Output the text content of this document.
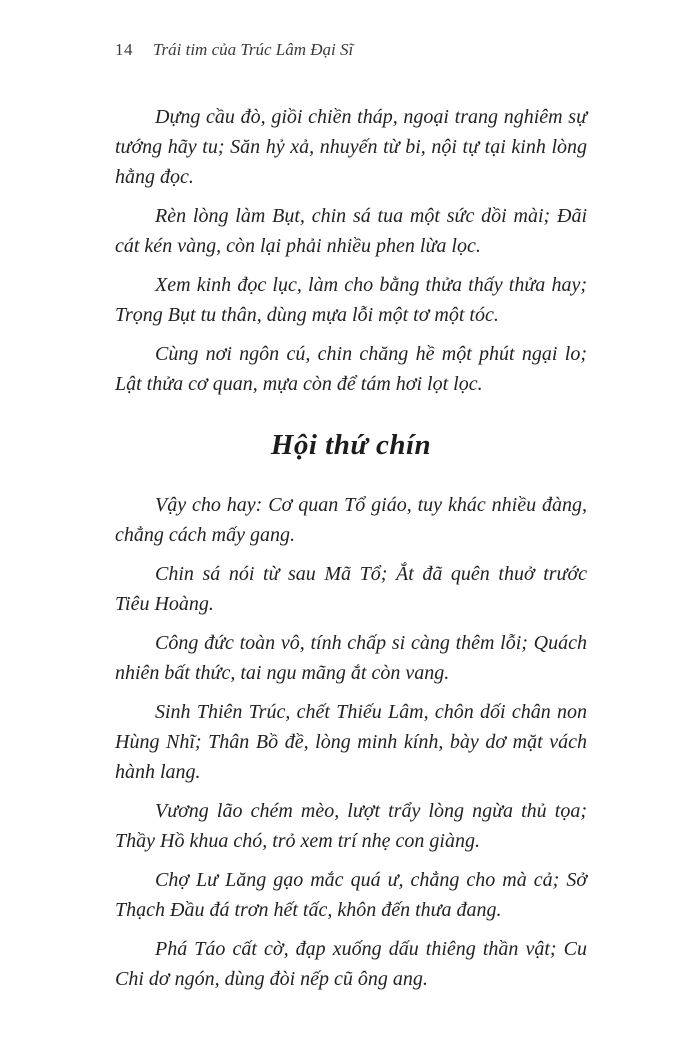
14 Trái tim của Trúc Lâm Đại Sĩ

Dựng cầu đò, giồi chiền tháp, ngoại trang nghiêm sự tướng hãy tu; Săn hỷ xả, nhuyến từ bi, nội tự tại kinh lòng hằng đọc.

Rèn lòng làm Bụt, chin sá tua một sức dồi mài; Đãi cát kén vàng, còn lại phải nhiều phen lừa lọc.

Xem kinh đọc lục, làm cho bằng thửa thấy thửa hay; Trọng Bụt tu thân, dùng mựa lỗi một tơ một tóc.

Cùng nơi ngôn cú, chin chăng hề một phút ngại lo; Lật thửa cơ quan, mựa còn để tám hơi lọt lọc.

Hội thứ chín

Vậy cho hay: Cơ quan Tổ giáo, tuy khác nhiều đàng, chẳng cách mấy gang.

Chin sá nói từ sau Mã Tổ; Ắt đã quên thuở trước Tiêu Hoàng.

Công đức toàn vô, tính chấp si càng thêm lỗi; Quách nhiên bất thức, tai ngu mãng ắt còn vang.

Sinh Thiên Trúc, chết Thiếu Lâm, chôn dối chân non Hùng Nhĩ; Thân Bồ đề, lòng minh kính, bày dơ mặt vách hành lang.

Vương lão chém mèo, lượt trẩy lòng ngừa thủ tọa; Thầy Hồ khua chó, trỏ xem trí nhẹ con giàng.

Chợ Lư Lăng gạo mắc quá ư, chẳng cho mà cả; Sở Thạch Đầu đá trơn hết tấc, khôn đến thưa đang.

Phá Táo cất cờ, đạp xuống dấu thiêng thần vật; Cu Chi dơ ngón, dùng đòi nếp cũ ông ang.
